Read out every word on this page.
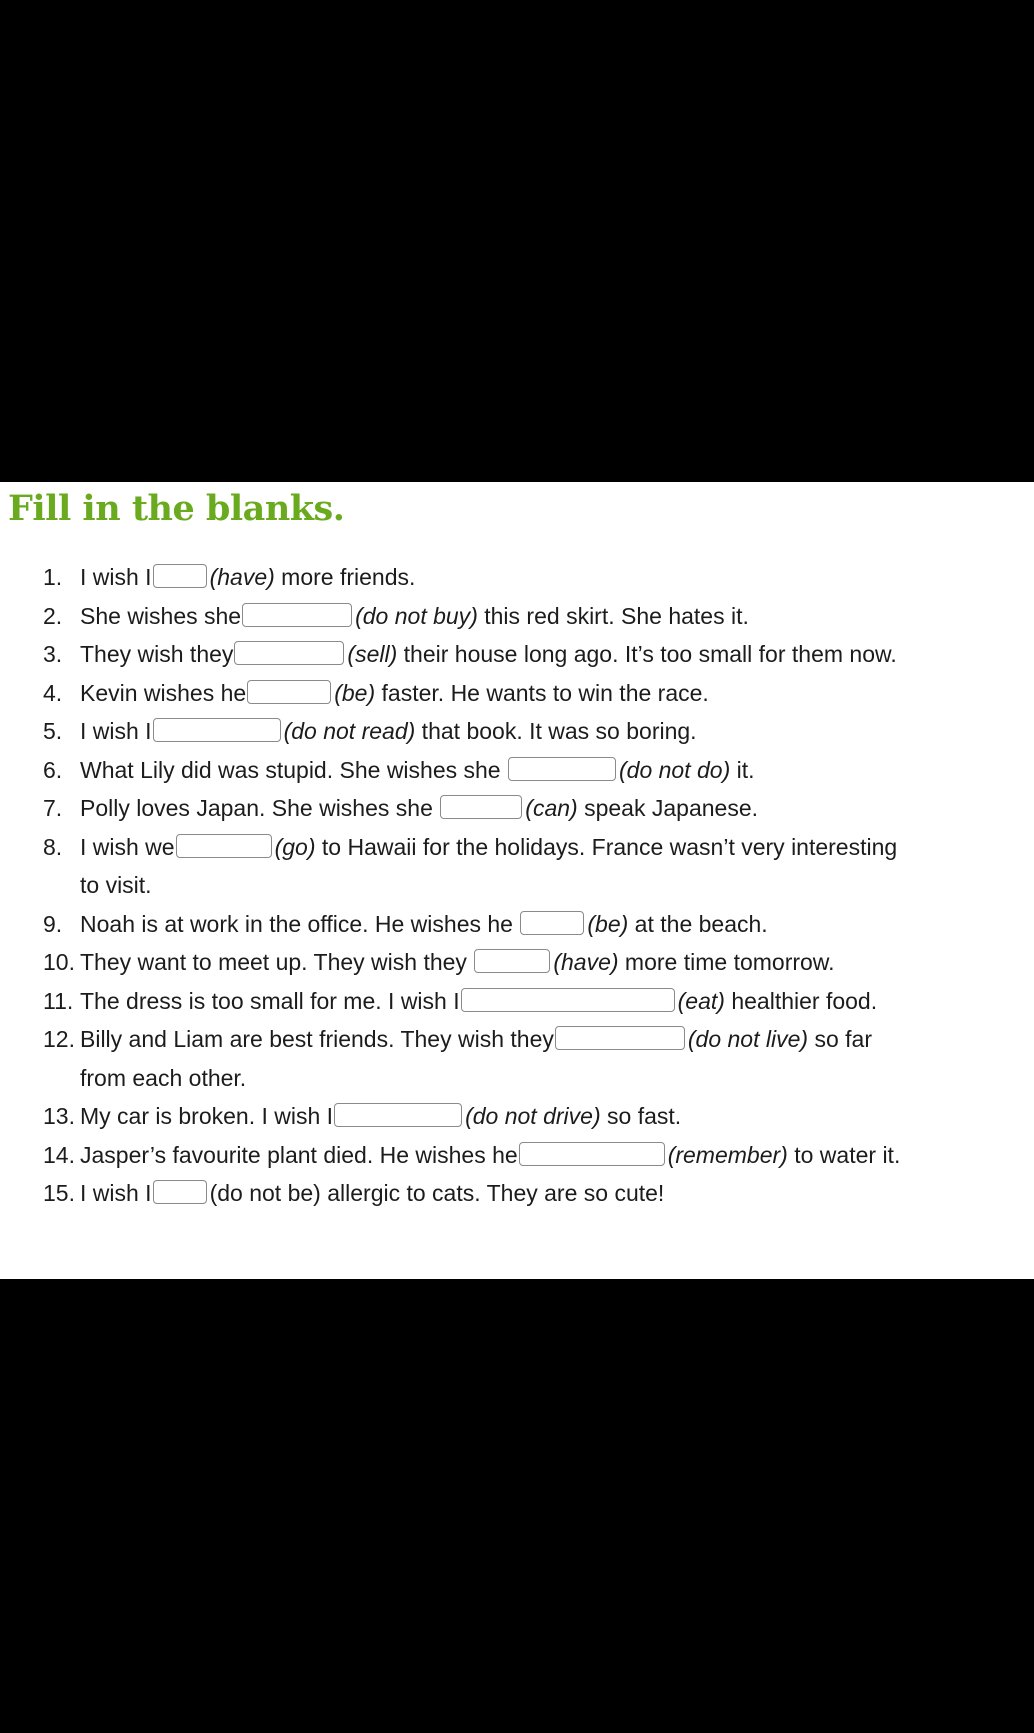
Fill in the blanks.
1. I wish I	(have) more friends.
2. She wishes she	(do not buy) this red skirt. She hates it.
3. They wish they	(sell) their house long ago. It’s too small for them now.
4. Kevin wishes he	(be) faster. He wants to win the race.
5. I wish I	(do not read) that book. It was so boring.
6. What Lily did was stupid. She wishes she	(do not do) it.
7. Polly loves Japan. She wishes she	(can) speak Japanese.
8. I wish we	(go) to Hawaii for the holidays. France wasn’t very interesting
to visit.
9. Noah is at work in the office. He wishes he	(be) at the beach.
10. They want to meet up. They wish they	(have) more time tomorrow.
11. The dress is too small for me. I wish I	(eat) healthier food.
12. Billy and Liam are best friends. They wish they	(do not live) so far
from each other.
13. My car is broken. I wish I	(do not drive) so fast.
14. Jasper’s favourite plant died. He wishes he	(remember) to water it.
15. I wish I	(do not be) allergic to cats. They are so cute!
